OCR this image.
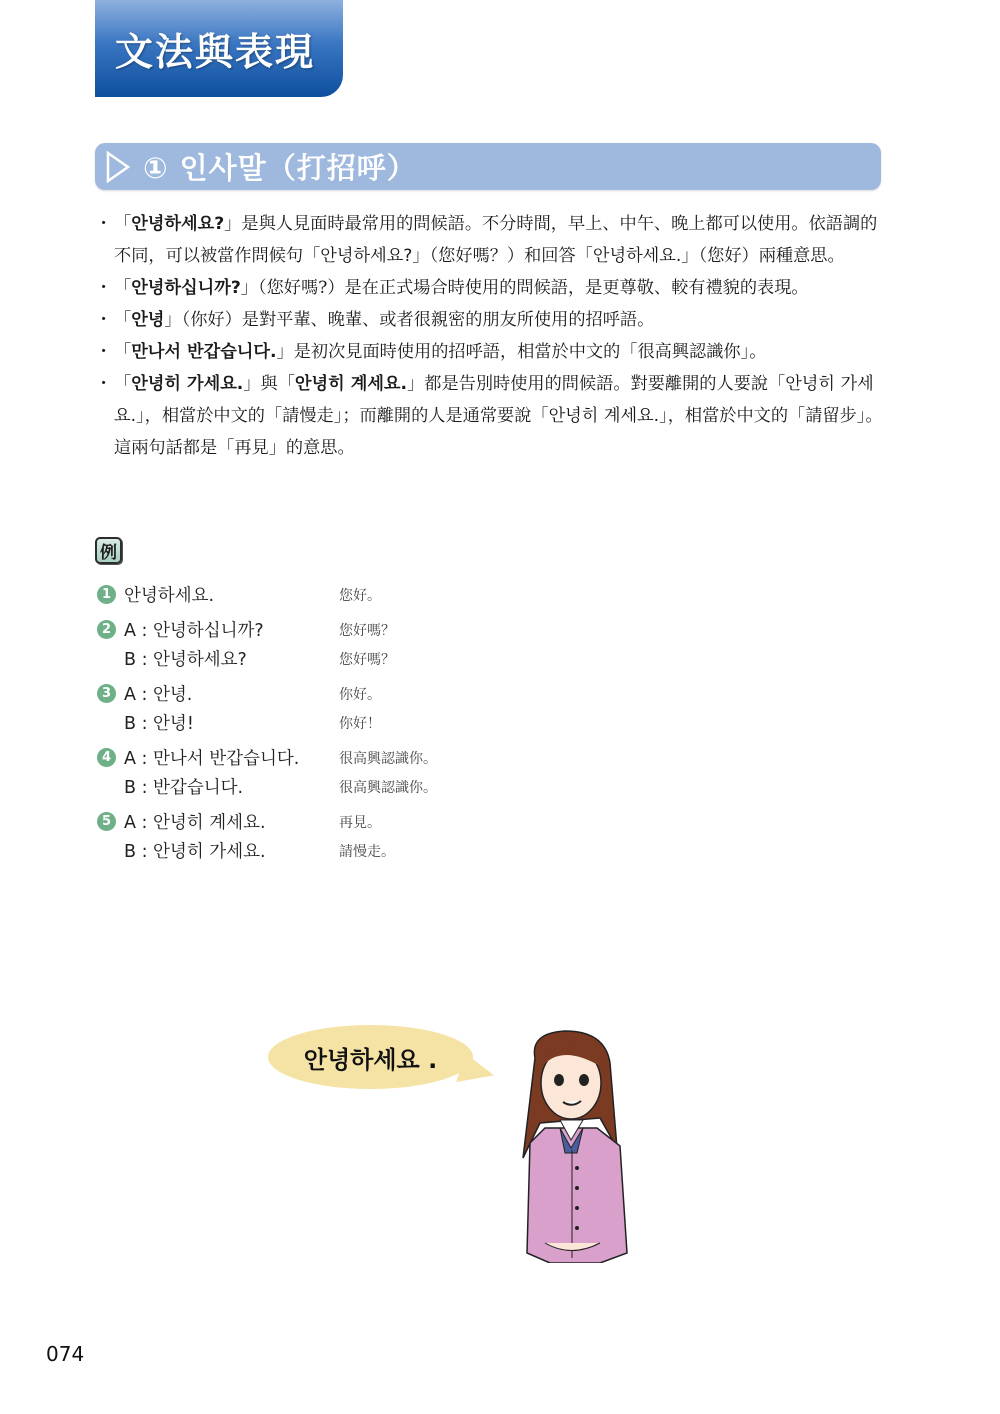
文法與表現
① 인사말（打招呼）
・ 「안녕하세요?」是與人見面時最常用的問候語。不分時間，早上、中午、晚上都可以使用。依語調的不同，可以被當作問候句「안녕하세요?」（您好嗎？）和回答「안녕하세요.」（您好）兩種意思。
・ 「안녕하십니까?」（您好嗎?）是在正式場合時使用的問候語，是更尊敬、較有禮貌的表現。
・ 「안녕」（你好）是對平輩、晚輩、或者很親密的朋友所使用的招呼語。
・ 「만나서 반갑습니다.」是初次見面時使用的招呼語，相當於中文的「很高興認識你」。
・ 「안녕히 가세요.」與「안녕히 계세요.」都是告別時使用的問候語。對要離開的人要說「안녕히 가세요.」，相當於中文的「請慢走」；而離開的人是通常要說「안녕히 계세요.」，相當於中文的「請留步」。這兩句話都是「再見」的意思。
例
1 안녕하세요.	您好。
2 A : 안녕하십니까?	您好嗎？
B : 안녕하세요?	您好嗎？
3 A : 안녕.	你好。
B : 안녕!	你好！
4 A : 만나서 반갑습니다.	很高興認識你。
B : 반갑습니다.	很高興認識你。
5 A : 안녕히 계세요.	再見。
B : 안녕히 가세요.	請慢走。
안녕하세요 .
074
